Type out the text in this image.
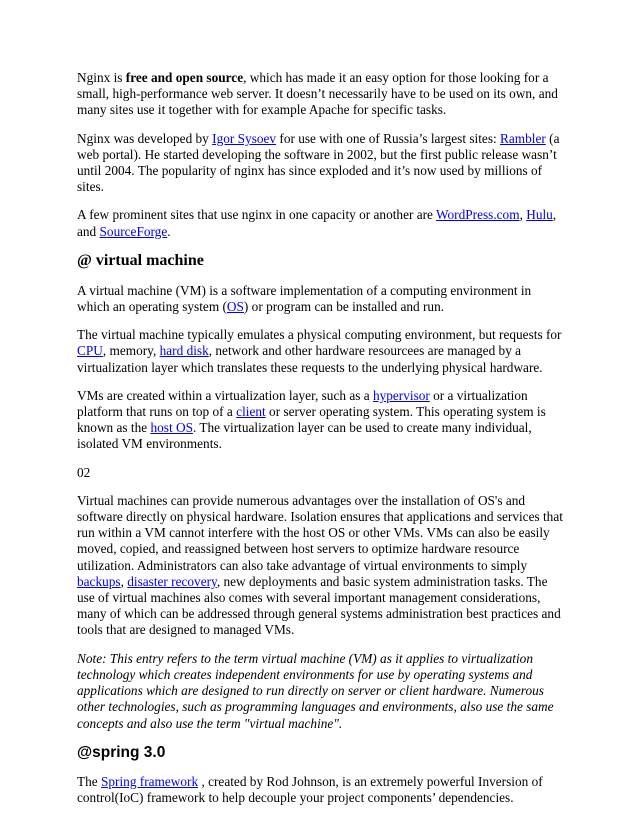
Nginx is free and open source, which has made it an easy option for those looking for a small, high-performance web server. It doesn’t necessarily have to be used on its own, and many sites use it together with for example Apache for specific tasks.

Nginx was developed by Igor Sysoev for use with one of Russia’s largest sites: Rambler (a web portal). He started developing the software in 2002, but the first public release wasn’t until 2004. The popularity of nginx has since exploded and it’s now used by millions of sites.

A few prominent sites that use nginx in one capacity or another are WordPress.com, Hulu, and SourceForge.

@ virtual machine

A virtual machine (VM) is a software implementation of a computing environment in which an operating system (OS) or program can be installed and run.

The virtual machine typically emulates a physical computing environment, but requests for CPU, memory, hard disk, network and other hardware resourcees are managed by a virtualization layer which translates these requests to the underlying physical hardware.

VMs are created within a virtualization layer, such as a hypervisor or a virtualization platform that runs on top of a client or server operating system. This operating system is known as the host OS. The virtualization layer can be used to create many individual, isolated VM environments.

02

Virtual machines can provide numerous advantages over the installation of OS's and software directly on physical hardware. Isolation ensures that applications and services that run within a VM cannot interfere with the host OS or other VMs. VMs can also be easily moved, copied, and reassigned between host servers to optimize hardware resource utilization. Administrators can also take advantage of virtual environments to simply backups, disaster recovery, new deployments and basic system administration tasks. The use of virtual machines also comes with several important management considerations, many of which can be addressed through general systems administration best practices and tools that are designed to managed VMs.

Note: This entry refers to the term virtual machine (VM) as it applies to virtualization technology which creates independent environments for use by operating systems and applications which are designed to run directly on server or client hardware. Numerous other technologies, such as programming languages and environments, also use the same concepts and also use the term "virtual machine".

@spring 3.0

The Spring framework , created by Rod Johnson, is an extremely powerful Inversion of control(IoC) framework to help decouple your project components’ dependencies.
